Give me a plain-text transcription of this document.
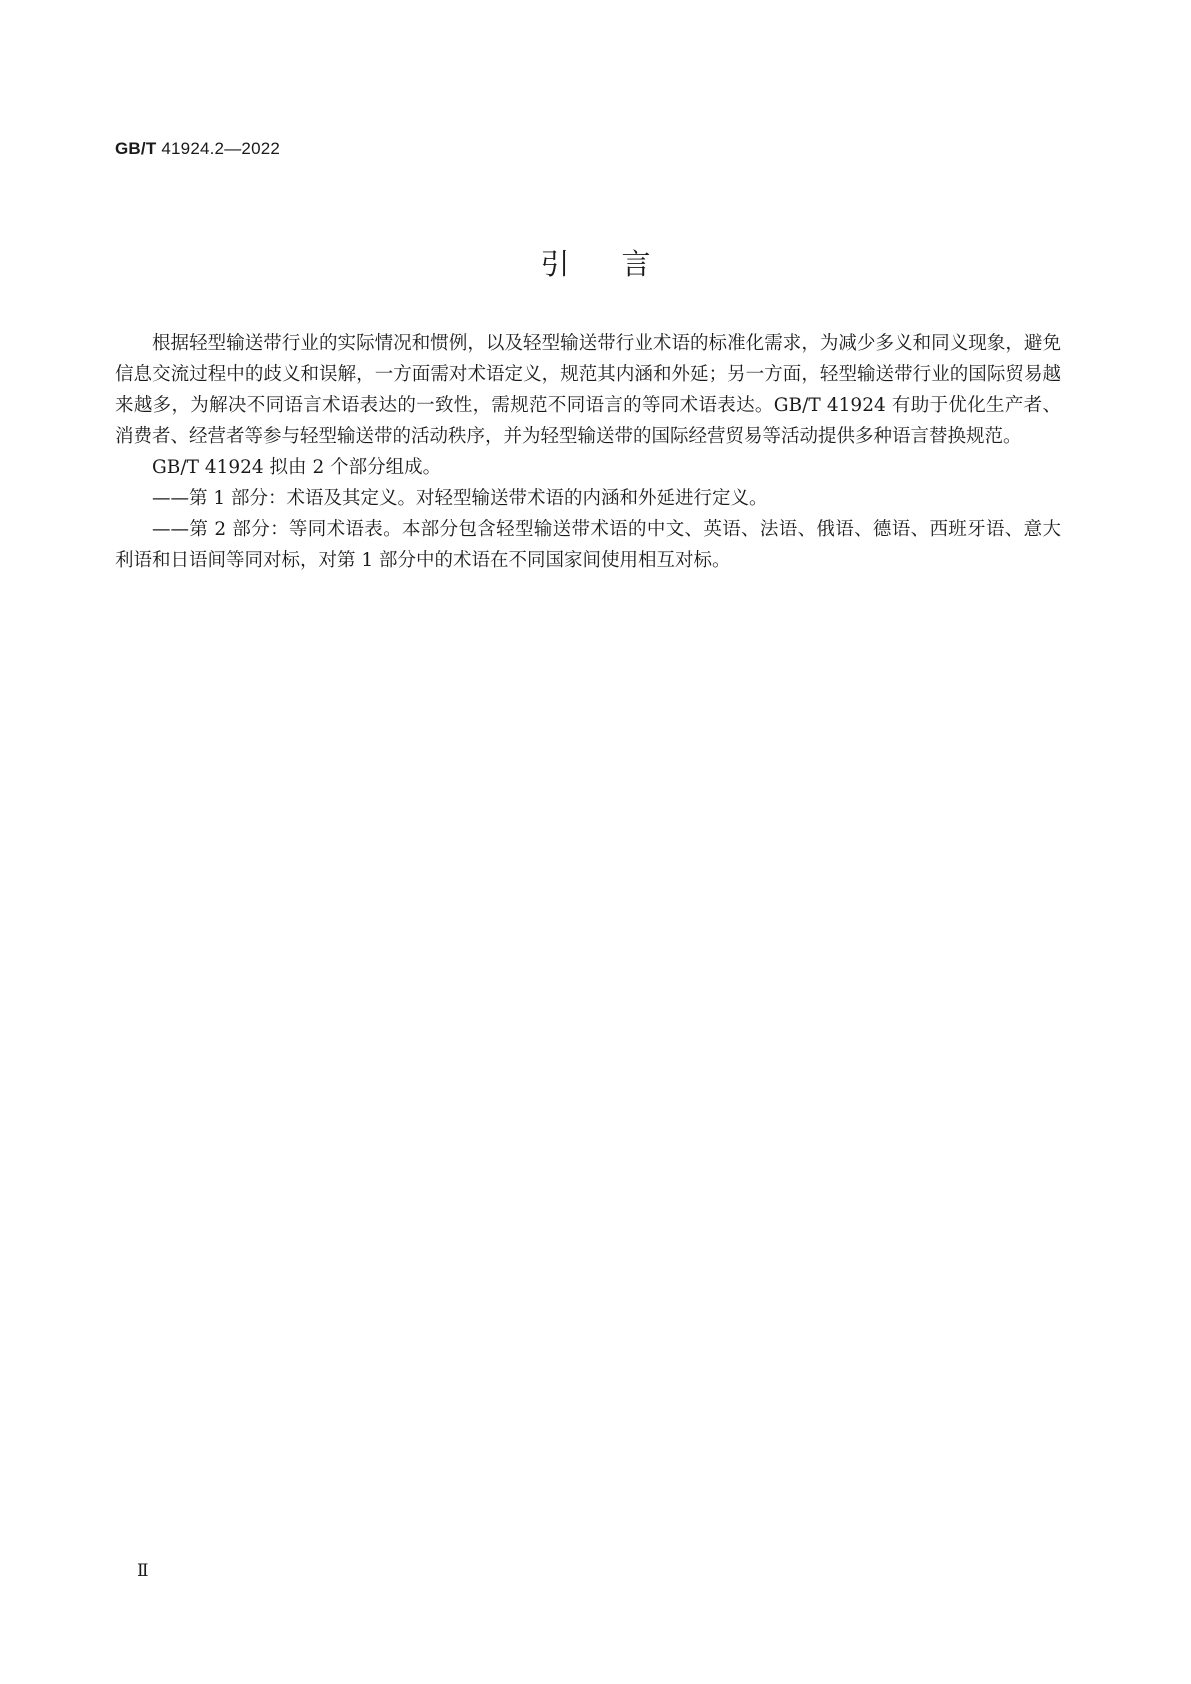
GB/T 41924.2—2022
引言

根据轻型输送带行业的实际情况和惯例，以及轻型输送带行业术语的标准化需求，为减少多义和同义现象，避免信息交流过程中的歧义和误解，一方面需对术语定义，规范其内涵和外延；另一方面，轻型输送带行业的国际贸易越来越多，为解决不同语言术语表达的一致性，需规范不同语言的等同术语表达。GB/T 41924 有助于优化生产者、消费者、经营者等参与轻型输送带的活动秩序，并为轻型输送带的国际经营贸易等活动提供多种语言替换规范。

GB/T 41924 拟由 2 个部分组成。

——第 1 部分：术语及其定义。对轻型输送带术语的内涵和外延进行定义。

——第 2 部分：等同术语表。本部分包含轻型输送带术语的中文、英语、法语、俄语、德语、西班牙语、意大利语和日语间等同对标，对第 1 部分中的术语在不同国家间使用相互对标。

Ⅱ
